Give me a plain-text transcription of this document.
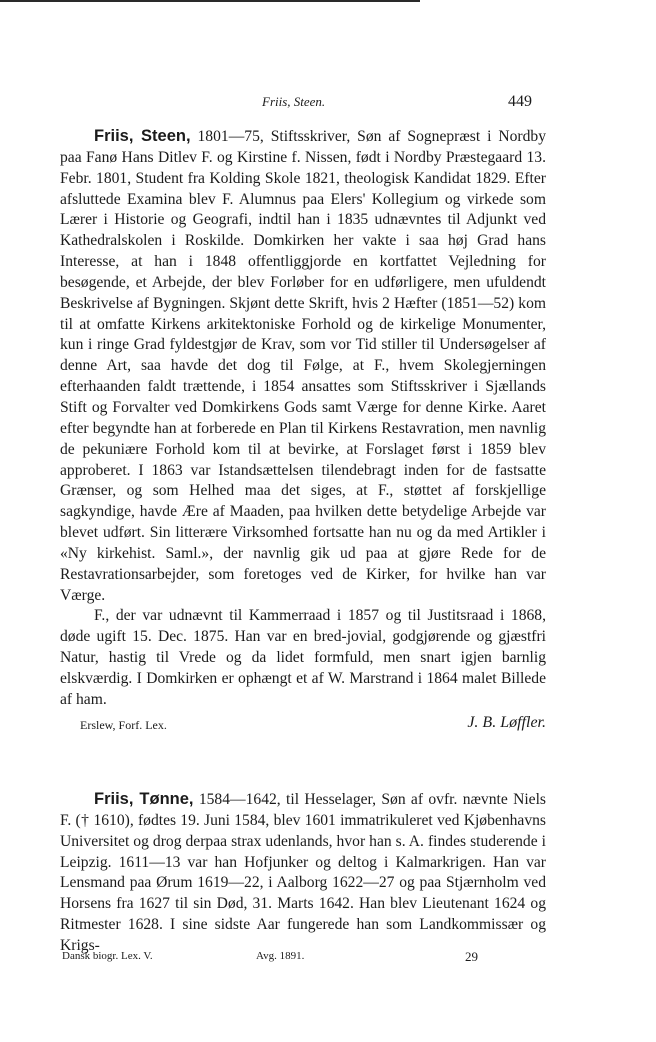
Friis, Steen.	449

Friis, Steen, 1801—75, Stiftsskriver, Søn af Sognepræst i Nordby paa Fanø Hans Ditlev F. og Kirstine f. Nissen, født i Nordby Præstegaard 13. Febr. 1801, Student fra Kolding Skole 1821, theologisk Kandidat 1829. Efter afsluttede Examina blev F. Alumnus paa Elers' Kollegium og virkede som Lærer i Historie og Geografi, indtil han i 1835 udnævntes til Adjunkt ved Kathedralskolen i Roskilde. Domkirken her vakte i saa høj Grad hans Interesse, at han i 1848 offentliggjorde en kortfattet Vejledning for besøgende, et Arbejde, der blev Forløber for en udførligere, men ufuldendt Beskrivelse af Bygningen. Skjønt dette Skrift, hvis 2 Hæfter (1851—52) kom til at omfatte Kirkens arkitektoniske Forhold og de kirkelige Monumenter, kun i ringe Grad fyldestgjør de Krav, som vor Tid stiller til Undersøgelser af denne Art, saa havde det dog til Følge, at F., hvem Skolegjerningen efterhaanden faldt trættende, i 1854 ansattes som Stiftsskriver i Sjællands Stift og Forvalter ved Domkirkens Gods samt Værge for denne Kirke. Aaret efter begyndte han at forberede en Plan til Kirkens Restavration, men navnlig de pekuniære Forhold kom til at bevirke, at Forslaget først i 1859 blev approberet. I 1863 var Istandsættelsen tilendebragt inden for de fastsatte Grænser, og som Helhed maa det siges, at F., støttet af forskjellige sagkyndige, havde Ære af Maaden, paa hvilken dette betydelige Arbejde var blevet udført. Sin litterære Virksomhed fortsatte han nu og da med Artikler i «Ny kirkehist. Saml.», der navnlig gik ud paa at gjøre Rede for de Restavrationsarbejder, som foretoges ved de Kirker, for hvilke han var Værge.

F., der var udnævnt til Kammerraad i 1857 og til Justitsraad i 1868, døde ugift 15. Dec. 1875. Han var en bred-jovial, godgjørende og gjæstfri Natur, hastig til Vrede og da lidet formfuld, men snart igjen barnlig elskværdig. I Domkirken er ophængt et af W. Marstrand i 1864 malet Billede af ham.

Erslew, Forf. Lex.	J. B. Løffler.

Friis, Tønne, 1584—1642, til Hesselager, Søn af ovfr. nævnte Niels F. († 1610), fødtes 19. Juni 1584, blev 1601 immatrikuleret ved Kjøbenhavns Universitet og drog derpaa strax udenlands, hvor han s. A. findes studerende i Leipzig. 1611—13 var han Hofjunker og deltog i Kalmarkrigen. Han var Lensmand paa Ørum 1619—22, i Aalborg 1622—27 og paa Stjærnholm ved Horsens fra 1627 til sin Død, 31. Marts 1642. Han blev Lieutenant 1624 og Ritmester 1628. I sine sidste Aar fungerede han som Landkommissær og Krigs-

Dansk biogr. Lex. V.	Avg. 1891.	29
